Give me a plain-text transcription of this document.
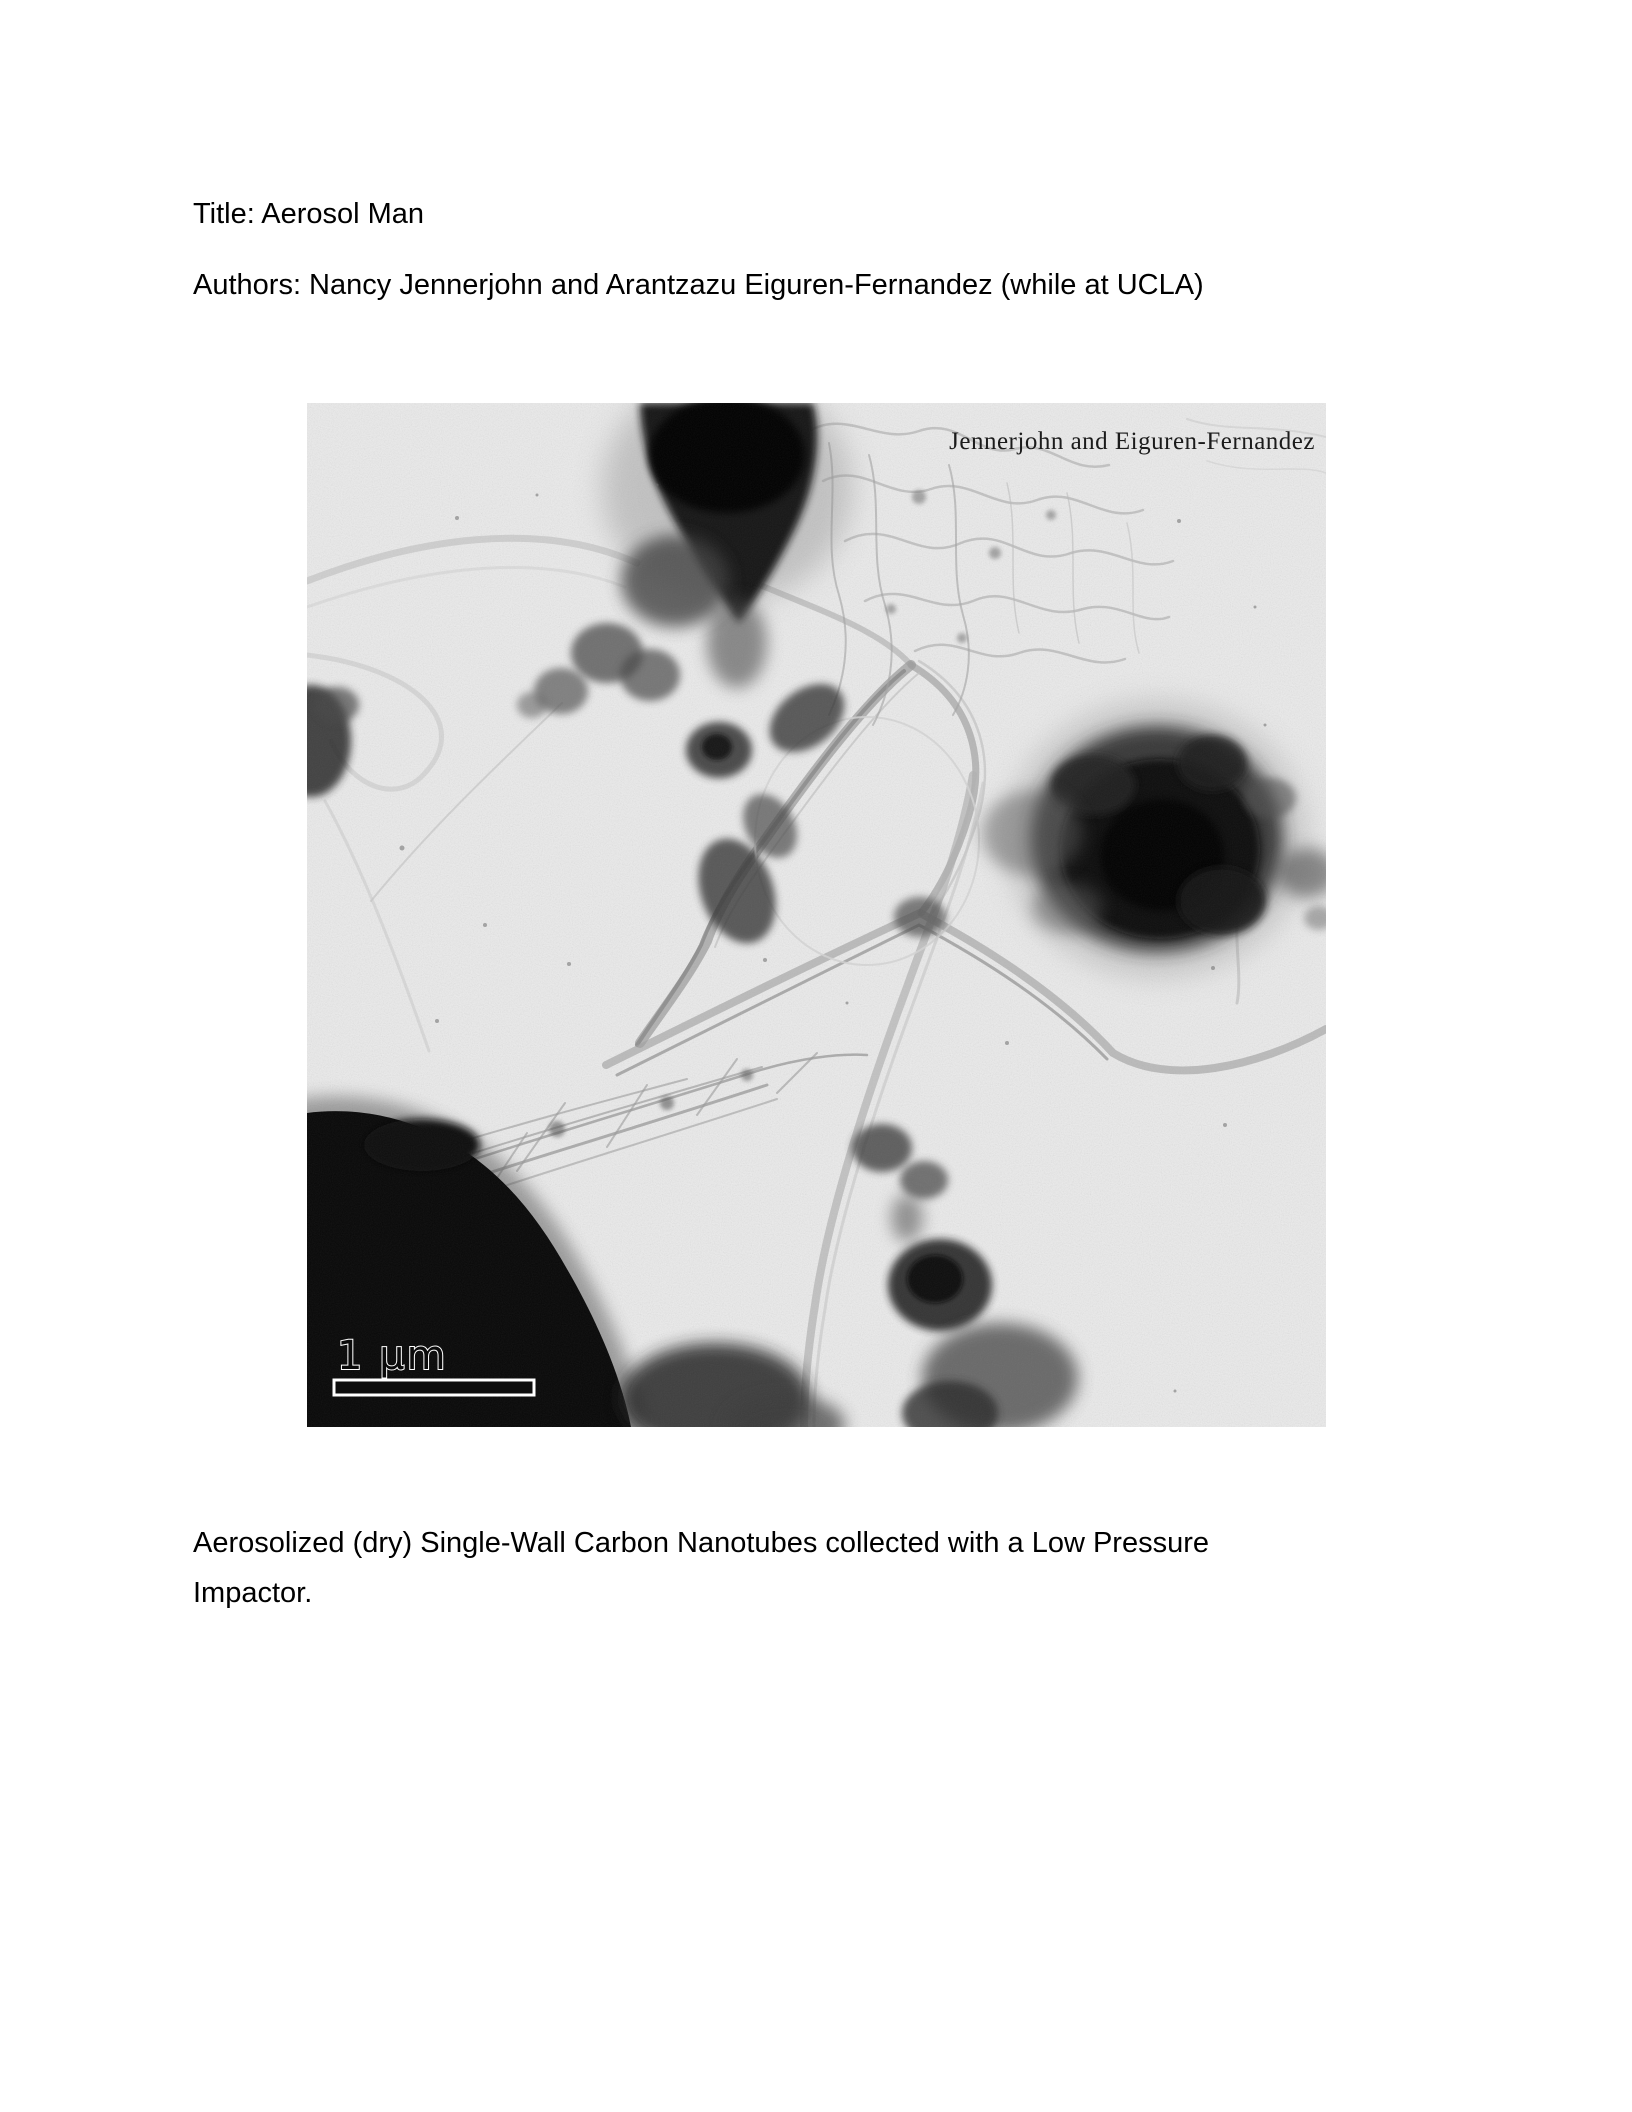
Title: Aerosol Man
Authors: Nancy Jennerjohn and Arantzazu Eiguren-Fernandez (while at UCLA)
Jennerjohn and Eiguren-Fernandez
1 μm
Aerosolized (dry) Single-Wall Carbon Nanotubes collected with a Low Pressure
Impactor.
